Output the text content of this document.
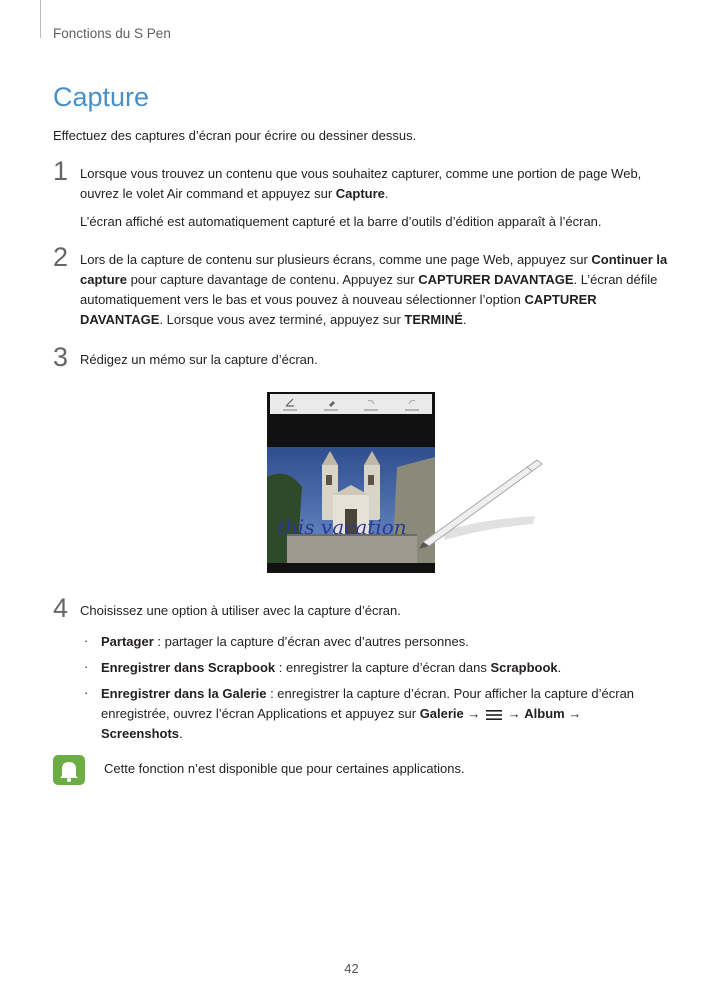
Fonctions du S Pen
Capture
Effectuez des captures d’écran pour écrire ou dessiner dessus.
1 Lorsque vous trouvez un contenu que vous souhaitez capturer, comme une portion de page Web, ouvrez le volet Air command et appuyez sur Capture.

L’écran affiché est automatiquement capturé et la barre d’outils d’édition apparaît à l’écran.

2 Lors de la capture de contenu sur plusieurs écrans, comme une page Web, appuyez sur Continuer la capture pour capture davantage de contenu. Appuyez sur CAPTURER DAVANTAGE. L’écran défile automatiquement vers le bas et vous pouvez à nouveau sélectionner l’option CAPTURER DAVANTAGE. Lorsque vous avez terminé, appuyez sur TERMINÉ.

3 Rédigez un mémo sur la capture d’écran.

this vacation
4 Choisissez une option à utiliser avec la capture d’écran.

· Partager : partager la capture d’écran avec d’autres personnes.
· Enregistrer dans Scrapbook : enregistrer la capture d’écran dans Scrapbook.
· Enregistrer dans la Galerie : enregistrer la capture d’écran. Pour afficher la capture d’écran enregistrée, ouvrez l’écran Applications et appuyez sur Galerie →  → Album → Screenshots.
Cette fonction n’est disponible que pour certaines applications.
42
